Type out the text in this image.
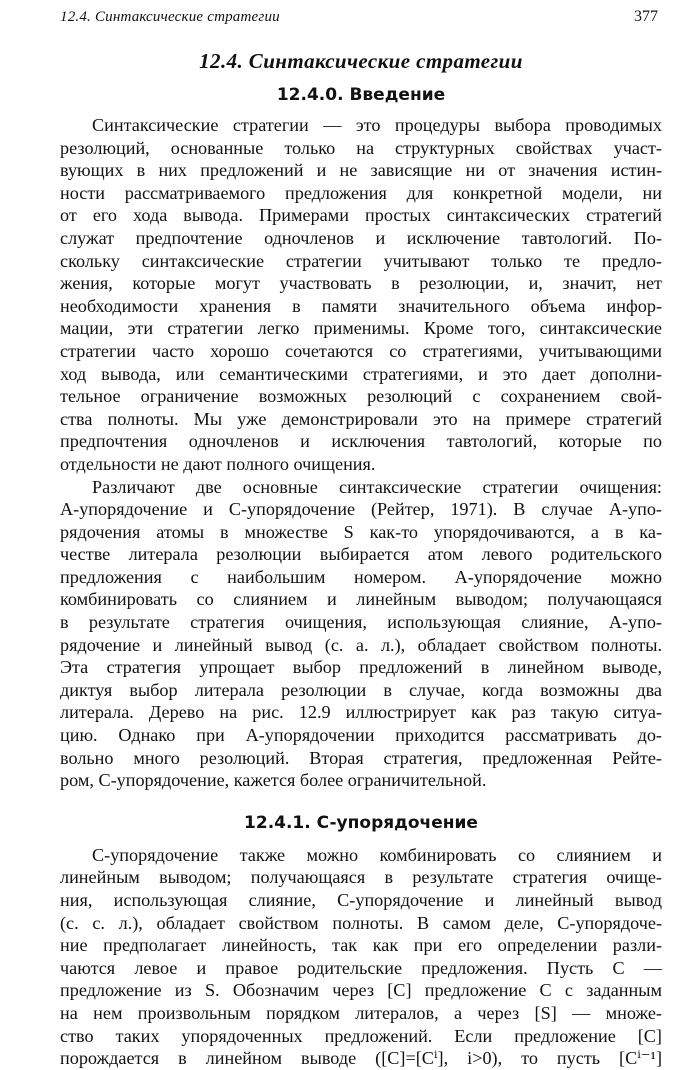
12.4. Синтаксические стратегии	377
12.4. Синтаксические стратегии
12.4.0. Введение
Синтаксические стратегии — это процедуры выбора проводимых
резолюций, основанные только на структурных свойствах участ-
вующих в них предложений и не зависящие ни от значения истин-
ности рассматриваемого предложения для конкретной модели, ни
от его хода вывода. Примерами простых синтаксических стратегий
служат предпочтение одночленов и исключение тавтологий. По-
скольку синтаксические стратегии учитывают только те предло-
жения, которые могут участвовать в резолюции, и, значит, нет
необходимости хранения в памяти значительного объема инфор-
мации, эти стратегии легко применимы. Кроме того, синтаксические
стратегии часто хорошо сочетаются со стратегиями, учитывающими
ход вывода, или семантическими стратегиями, и это дает дополни-
тельное ограничение возможных резолюций с сохранением свой-
ства полноты. Мы уже демонстрировали это на примере стратегий
предпочтения одночленов и исключения тавтологий, которые по
отдельности не дают полного очищения.
Различают две основные синтаксические стратегии очищения:
A-упорядочение и C-упорядочение (Рейтер, 1971). В случае A-упо-
рядочения атомы в множестве S как-то упорядочиваются, а в ка-
честве литерала резолюции выбирается атом левого родительского
предложения с наибольшим номером. A-упорядочение можно
комбинировать со слиянием и линейным выводом; получающаяся
в результате стратегия очищения, использующая слияние, A-упо-
рядочение и линейный вывод (с. а. л.), обладает свойством полноты.
Эта стратегия упрощает выбор предложений в линейном выводе,
диктуя выбор литерала резолюции в случае, когда возможны два
литерала. Дерево на рис. 12.9 иллюстрирует как раз такую ситуа-
цию. Однако при A-упорядочении приходится рассматривать до-
вольно много резолюций. Вторая стратегия, предложенная Рейте-
ром, C-упорядочение, кажется более ограничительной.
12.4.1. C-упорядочение
C-упорядочение также можно комбинировать со слиянием и
линейным выводом; получающаяся в результате стратегия очище-
ния, использующая слияние, C-упорядочение и линейный вывод
(с. с. л.), обладает свойством полноты. В самом деле, C-упорядоче-
ние предполагает линейность, так как при его определении разли-
чаются левое и правое родительские предложения. Пусть C —
предложение из S. Обозначим через [C] предложение C с заданным
на нем произвольным порядком литералов, а через [S] — множе-
ство таких упорядоченных предложений. Если предложение [C]
порождается в линейном выводе ([C]=[Cⁱ], i>0), то пусть [Cⁱ⁻¹]
